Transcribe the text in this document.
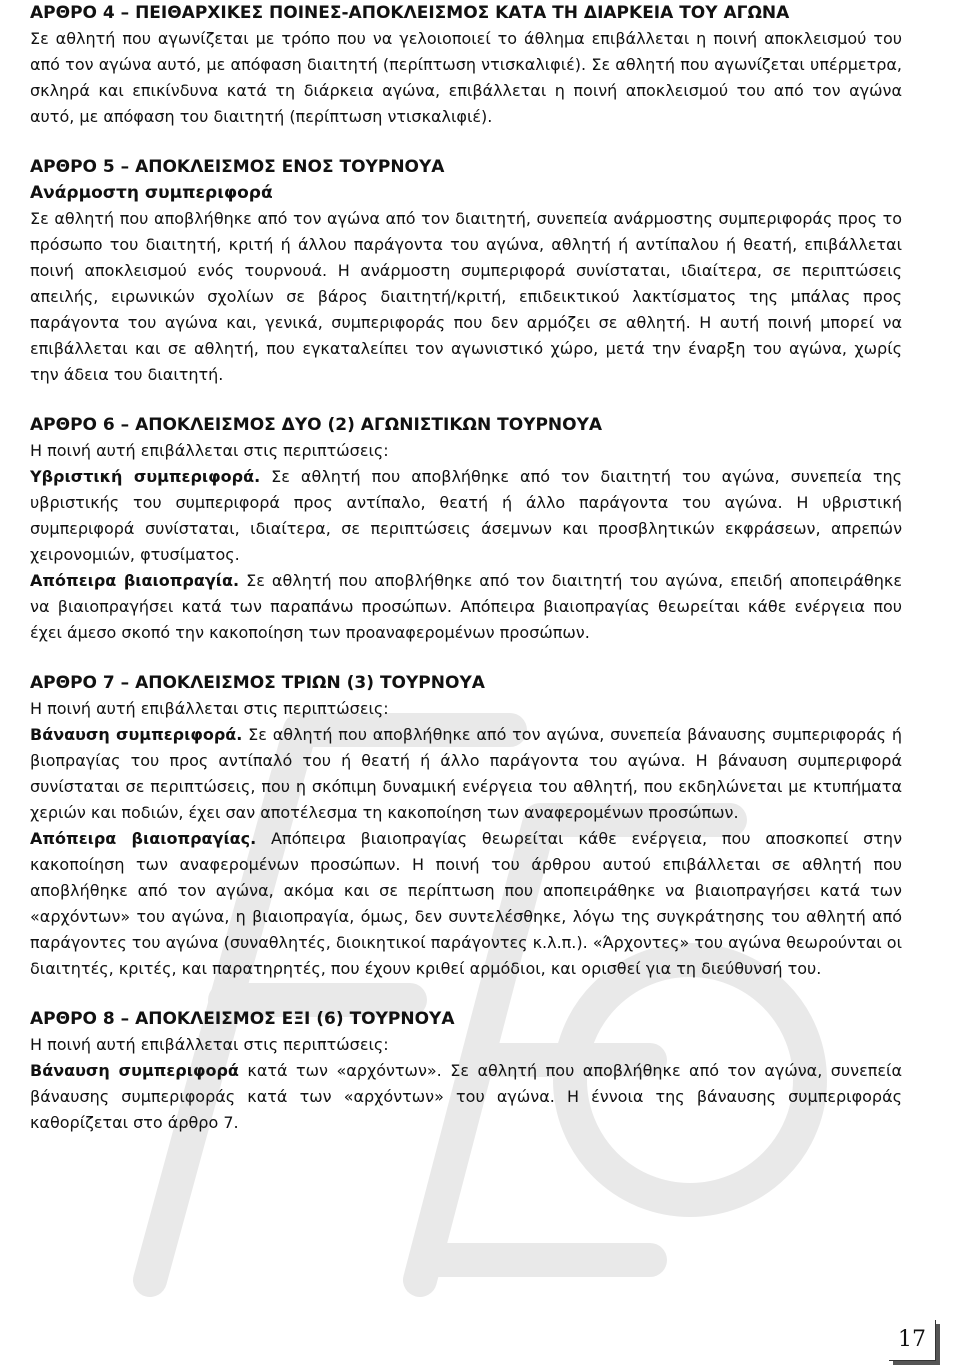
ΑΡΘΡΟ 4 – ΠΕΙΘΑΡΧΙΚΕΣ ΠΟΙΝΕΣ-ΑΠΟΚΛΕΙΣΜΟΣ ΚΑΤΑ ΤΗ ΔΙΑΡΚΕΙΑ ΤΟΥ ΑΓΩΝΑ

Σε αθλητή που αγωνίζεται με τρόπο που να γελοιοποιεί το άθλημα επιβάλλεται η ποινή αποκλεισμού του από τον αγώνα αυτό, με απόφαση διαιτητή (περίπτωση ντισκαλιφιέ). Σε αθλητή που αγωνίζεται υπέρμετρα, σκληρά και επικίνδυνα κατά τη διάρκεια αγώνα, επιβάλλεται η ποινή αποκλεισμού του από τον αγώνα αυτό, με απόφαση του διαιτητή (περίπτωση ντισκαλιφιέ).

ΑΡΘΡΟ 5 – ΑΠΟΚΛΕΙΣΜΟΣ ΕΝΟΣ ΤΟΥΡΝΟΥΑ
Ανάρμοστη συμπεριφορά

Σε αθλητή που αποβλήθηκε από τον αγώνα από τον διαιτητή, συνεπεία ανάρμοστης συμπεριφοράς προς το πρόσωπο του διαιτητή, κριτή ή άλλου παράγοντα του αγώνα, αθλητή ή αντίπαλου ή θεατή, επιβάλλεται ποινή αποκλεισμού ενός τουρνουά. Η ανάρμοστη συμπεριφορά συνίσταται, ιδιαίτερα, σε περιπτώσεις απειλής, ειρωνικών σχολίων σε βάρος διαιτητή/κριτή, επιδεικτικού λακτίσματος της μπάλας προς παράγοντα του αγώνα και, γενικά, συμπεριφοράς που δεν αρμόζει σε αθλητή. Η αυτή ποινή μπορεί να επιβάλλεται και σε αθλητή, που εγκαταλείπει τον αγωνιστικό χώρο, μετά την έναρξη του αγώνα, χωρίς την άδεια του διαιτητή.

ΑΡΘΡΟ 6 – ΑΠΟΚΛΕΙΣΜΟΣ ΔΥΟ (2) ΑΓΩΝΙΣΤΙΚΩΝ ΤΟΥΡΝΟΥΑ

Η ποινή αυτή επιβάλλεται στις περιπτώσεις:

Υβριστική συμπεριφορά. Σε αθλητή που αποβλήθηκε από τον διαιτητή του αγώνα, συνεπεία της υβριστικής του συμπεριφορά προς αντίπαλο, θεατή ή άλλο παράγοντα του αγώνα. Η υβριστική συμπεριφορά συνίσταται, ιδιαίτερα, σε περιπτώσεις άσεμνων και προσβλητικών εκφράσεων, απρεπών χειρονομιών, φτυσίματος.

Απόπειρα βιαιοπραγία. Σε αθλητή που αποβλήθηκε από τον διαιτητή του αγώνα, επειδή αποπειράθηκε να βιαιοπραγήσει κατά των παραπάνω προσώπων. Απόπειρα βιαιοπραγίας θεωρείται κάθε ενέργεια που έχει άμεσο σκοπό την κακοποίηση των προαναφερομένων προσώπων.

ΑΡΘΡΟ 7 – ΑΠΟΚΛΕΙΣΜΟΣ ΤΡΙΩΝ (3) ΤΟΥΡΝΟΥΑ

Η ποινή αυτή επιβάλλεται στις περιπτώσεις:

Βάναυση συμπεριφορά. Σε αθλητή που αποβλήθηκε από τον αγώνα, συνεπεία βάναυσης συμπεριφοράς ή βιοπραγίας του προς αντίπαλό του ή θεατή ή άλλο παράγοντα του αγώνα. Η βάναυση συμπεριφορά συνίσταται σε περιπτώσεις, που η σκόπιμη δυναμική ενέργεια του αθλητή, που εκδηλώνεται με κτυπήματα χεριών και ποδιών, έχει σαν αποτέλεσμα τη κακοποίηση των αναφερομένων προσώπων.

Απόπειρα βιαιοπραγίας. Απόπειρα βιαιοπραγίας θεωρείται κάθε ενέργεια, που αποσκοπεί στην κακοποίηση των αναφερομένων προσώπων. Η ποινή του άρθρου αυτού επιβάλλεται σε αθλητή που αποβλήθηκε από τον αγώνα, ακόμα και σε περίπτωση που αποπειράθηκε να βιαιοπραγήσει κατά των «αρχόντων» του αγώνα, η βιαιοπραγία, όμως, δεν συντελέσθηκε, λόγω της συγκράτησης του αθλητή από παράγοντες του αγώνα (συναθλητές, διοικητικοί παράγοντες κ.λ.π.). «Άρχοντες» του αγώνα θεωρούνται οι διαιτητές, κριτές, και παρατηρητές, που έχουν κριθεί αρμόδιοι, και ορισθεί για τη διεύθυνσή του.

ΑΡΘΡΟ 8 – ΑΠΟΚΛΕΙΣΜΟΣ ΕΞΙ (6) ΤΟΥΡΝΟΥΑ

Η ποινή αυτή επιβάλλεται στις περιπτώσεις:

Βάναυση συμπεριφορά κατά των «αρχόντων». Σε αθλητή που αποβλήθηκε από τον αγώνα, συνεπεία βάναυσης συμπεριφοράς κατά των «αρχόντων» του αγώνα. Η έννοια της βάναυσης συμπεριφοράς καθορίζεται στο άρθρο 7.

17
